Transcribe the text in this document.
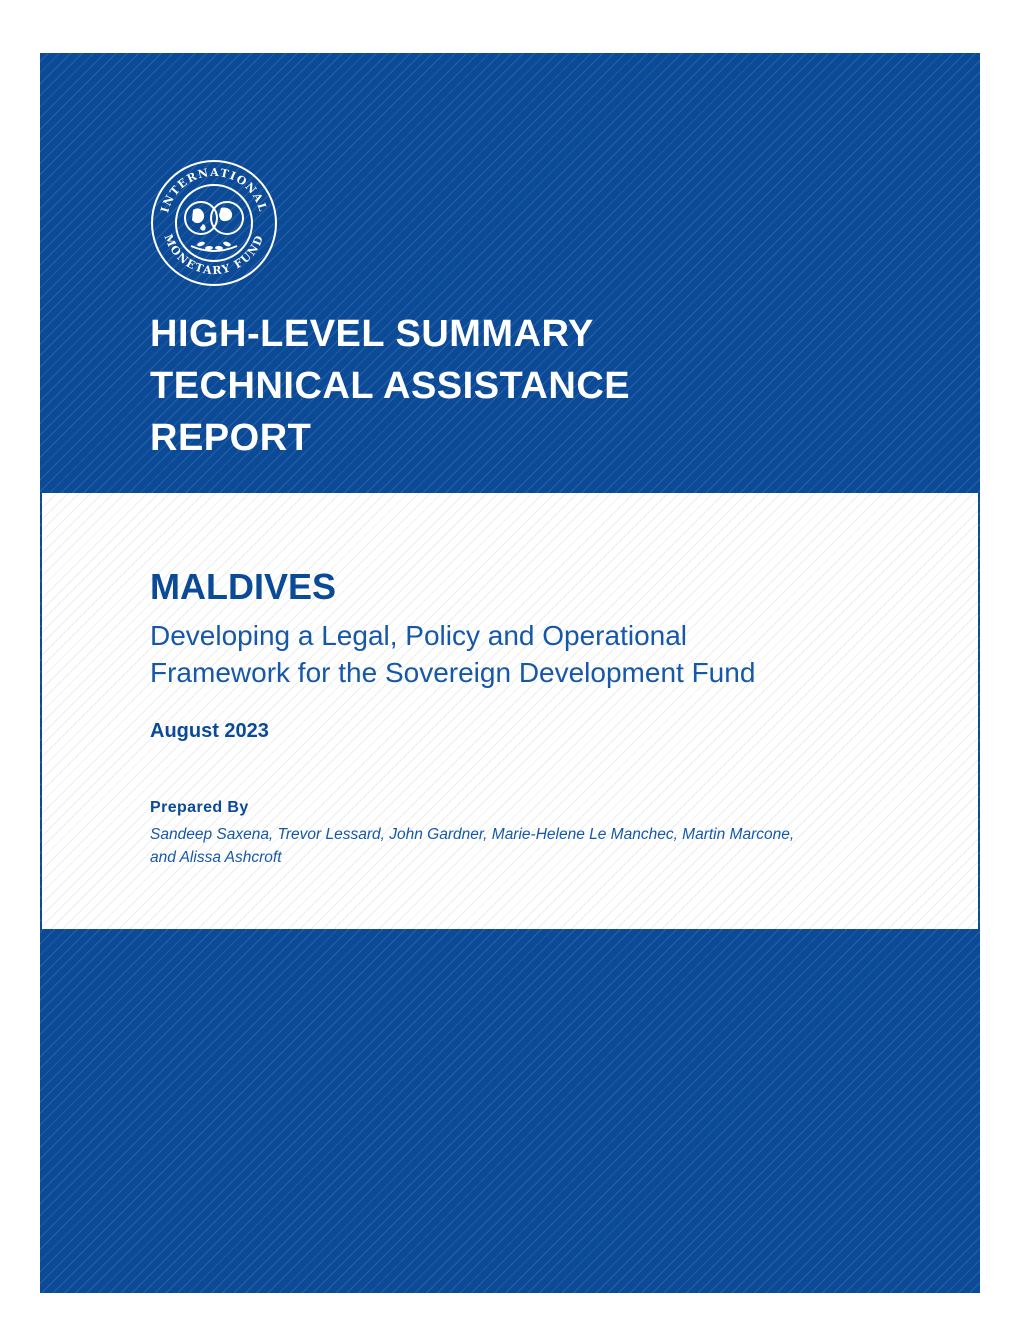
INTERNATIONAL
MONETARY FUND
HIGH-LEVEL SUMMARY
TECHNICAL ASSISTANCE
REPORT
MALDIVES

Developing a Legal, Policy and Operational
Framework for the Sovereign Development Fund

August 2023

Prepared By

Sandeep Saxena, Trevor Lessard, John Gardner, Marie-Helene Le Manchec, Martin Marcone,
and Alissa Ashcroft
